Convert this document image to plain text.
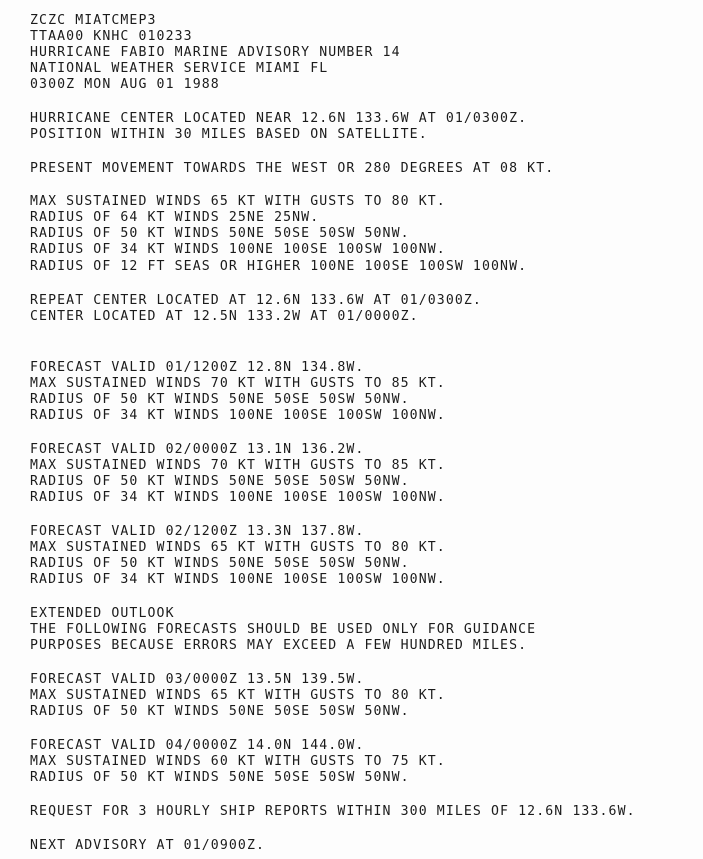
ZCZC MIATCMEP3

TTAA00 KNHC 010233

HURRICANE FABIO MARINE ADVISORY NUMBER 14

NATIONAL WEATHER SERVICE MIAMI FL

0300Z MON AUG 01 1988

HURRICANE CENTER LOCATED NEAR 12.6N 133.6W AT 01/0300Z.

POSITION WITHIN 30 MILES BASED ON SATELLITE.

PRESENT MOVEMENT TOWARDS THE WEST OR 280 DEGREES AT 08 KT.

MAX SUSTAINED WINDS 65 KT WITH GUSTS TO 80 KT.

RADIUS OF 64 KT WINDS 25NE 25NW.

RADIUS OF 50 KT WINDS 50NE 50SE 50SW 50NW.

RADIUS OF 34 KT WINDS 100NE 100SE 100SW 100NW.

RADIUS OF 12 FT SEAS OR HIGHER 100NE 100SE 100SW 100NW.

REPEAT CENTER LOCATED AT 12.6N 133.6W AT 01/0300Z.

CENTER LOCATED AT 12.5N 133.2W AT 01/0000Z.

FORECAST VALID 01/1200Z 12.8N 134.8W.

MAX SUSTAINED WINDS 70 KT WITH GUSTS TO 85 KT.

RADIUS OF 50 KT WINDS 50NE 50SE 50SW 50NW.

RADIUS OF 34 KT WINDS 100NE 100SE 100SW 100NW.

FORECAST VALID 02/0000Z 13.1N 136.2W.

MAX SUSTAINED WINDS 70 KT WITH GUSTS TO 85 KT.

RADIUS OF 50 KT WINDS 50NE 50SE 50SW 50NW.

RADIUS OF 34 KT WINDS 100NE 100SE 100SW 100NW.

FORECAST VALID 02/1200Z 13.3N 137.8W.

MAX SUSTAINED WINDS 65 KT WITH GUSTS TO 80 KT.

RADIUS OF 50 KT WINDS 50NE 50SE 50SW 50NW.

RADIUS OF 34 KT WINDS 100NE 100SE 100SW 100NW.

EXTENDED OUTLOOK

THE FOLLOWING FORECASTS SHOULD BE USED ONLY FOR GUIDANCE

PURPOSES BECAUSE ERRORS MAY EXCEED A FEW HUNDRED MILES.

FORECAST VALID 03/0000Z 13.5N 139.5W.

MAX SUSTAINED WINDS 65 KT WITH GUSTS TO 80 KT.

RADIUS OF 50 KT WINDS 50NE 50SE 50SW 50NW.

FORECAST VALID 04/0000Z 14.0N 144.0W.

MAX SUSTAINED WINDS 60 KT WITH GUSTS TO 75 KT.

RADIUS OF 50 KT WINDS 50NE 50SE 50SW 50NW.

REQUEST FOR 3 HOURLY SHIP REPORTS WITHIN 300 MILES OF 12.6N 133.6W.

NEXT ADVISORY AT 01/0900Z.
